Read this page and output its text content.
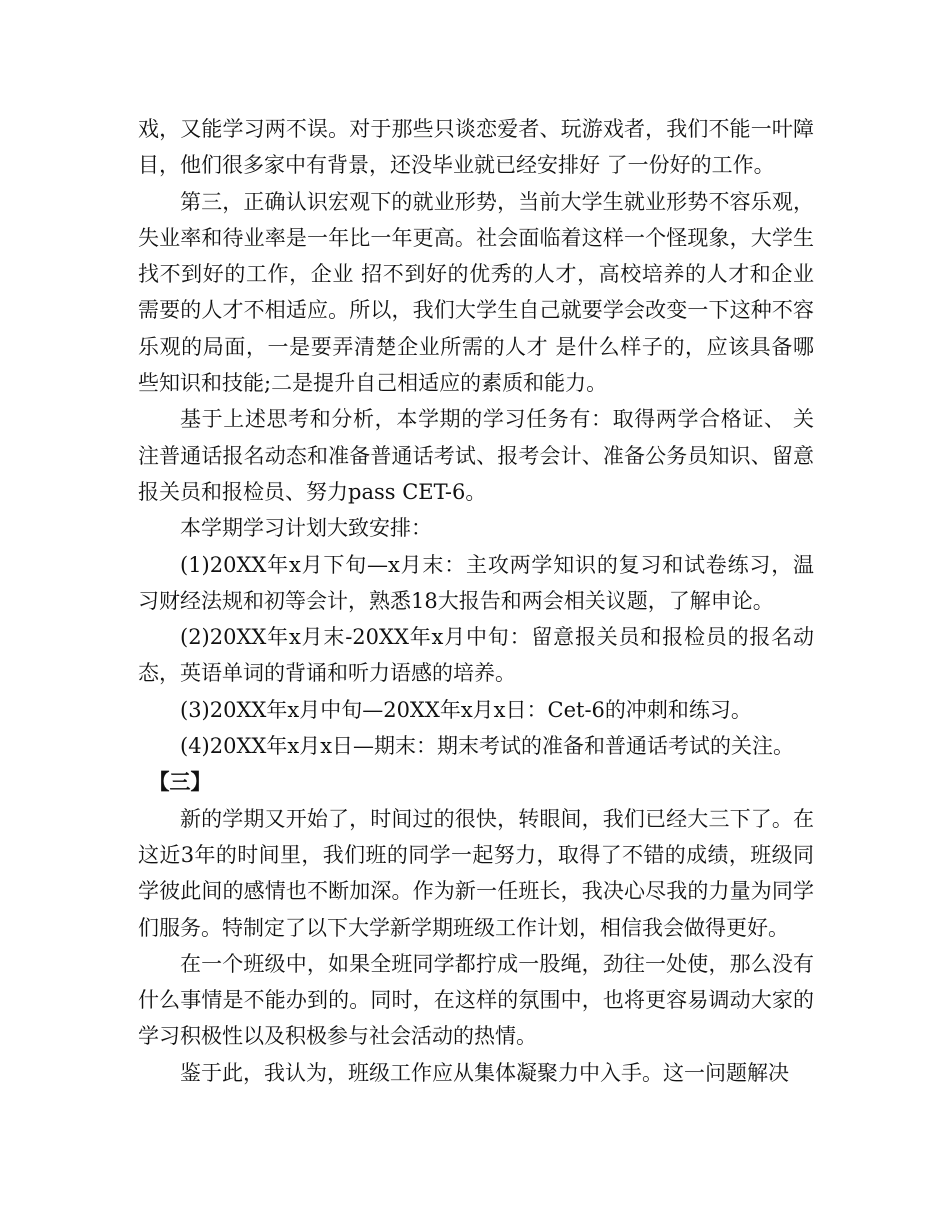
戏，又能学习两不误。对于那些只谈恋爱者、玩游戏者，我们不能一叶障目，他们很多家中有背景，还没毕业就已经安排好 了一份好的工作。

第三，正确认识宏观下的就业形势，当前大学生就业形势不容乐观，失业率和待业率是一年比一年更高。社会面临着这样一个怪现象，大学生找不到好的工作，企业 招不到好的优秀的人才，高校培养的人才和企业需要的人才不相适应。所以，我们大学生自己就要学会改变一下这种不容乐观的局面，一是要弄清楚企业所需的人才 是什么样子的，应该具备哪些知识和技能;二是提升自己相适应的素质和能力。

基于上述思考和分析，本学期的学习任务有：取得两学合格证、 关注普通话报名动态和准备普通话考试、报考会计、准备公务员知识、留意报关员和报检员、努力pass CET-6。

本学期学习计划大致安排：

(1)20XX年x月下旬—x月末：主攻两学知识的复习和试卷练习，温习财经法规和初等会计，熟悉18大报告和两会相关议题，了解申论。

(2)20XX年x月末-20XX年x月中旬：留意报关员和报检员的报名动态，英语单词的背诵和听力语感的培养。

(3)20XX年x月中旬—20XX年x月x日：Cet-6的冲刺和练习。

(4)20XX年x月x日—期末：期末考试的准备和普通话考试的关注。

【三】

新的学期又开始了，时间过的很快，转眼间，我们已经大三下了。在这近3年的时间里，我们班的同学一起努力，取得了不错的成绩，班级同学彼此间的感情也不断加深。作为新一任班长，我决心尽我的力量为同学们服务。特制定了以下大学新学期班级工作计划，相信我会做得更好。

在一个班级中，如果全班同学都拧成一股绳，劲往一处使，那么没有什么事情是不能办到的。同时，在这样的氛围中，也将更容易调动大家的学习积极性以及积极参与社会活动的热情。

鉴于此，我认为，班级工作应从集体凝聚力中入手。这一问题解决
